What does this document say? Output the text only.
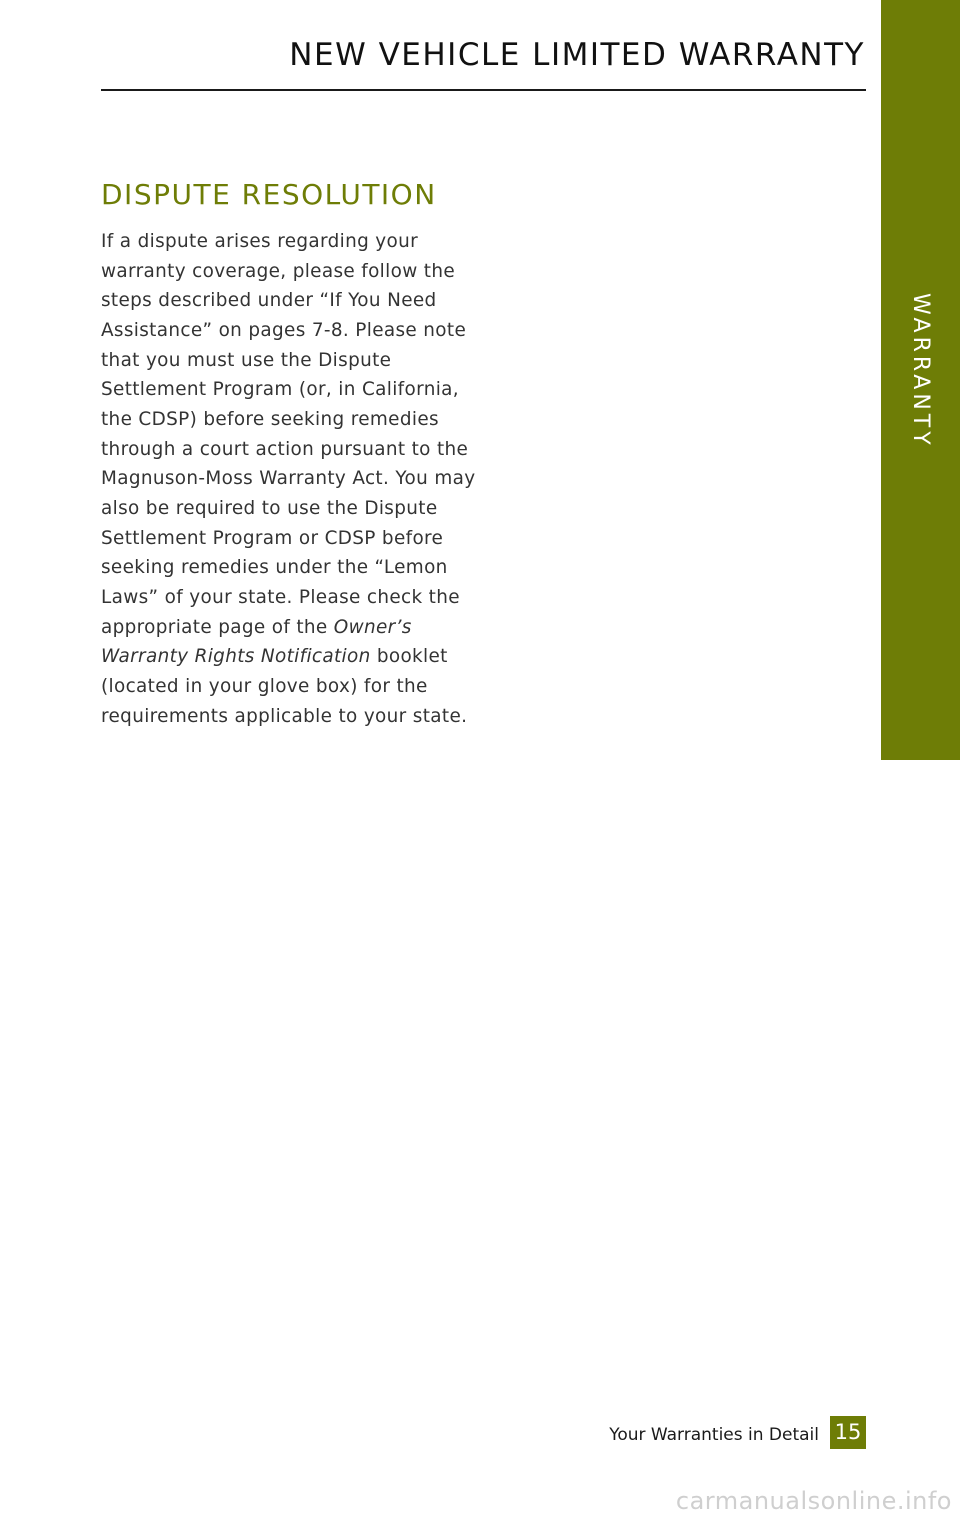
NEW VEHICLE LIMITED WARRANTY
WARRANTY
DISPUTE RESOLUTION

If a dispute arises regarding your
warranty coverage, please follow the
steps described under “If You Need
Assistance” on pages 7-8. Please note
that you must use the Dispute
Settlement Program (or, in California,
the CDSP) before seeking remedies
through a court action pursuant to the
Magnuson-Moss Warranty Act. You may
also be required to use the Dispute
Settlement Program or CDSP before
seeking remedies under the “Lemon
Laws” of your state. Please check the
appropriate page of the Owner’s
Warranty Rights Notification booklet
(located in your glove box) for the
requirements applicable to your state.

Your Warranties in Detail 15
carmanualsonline.info
